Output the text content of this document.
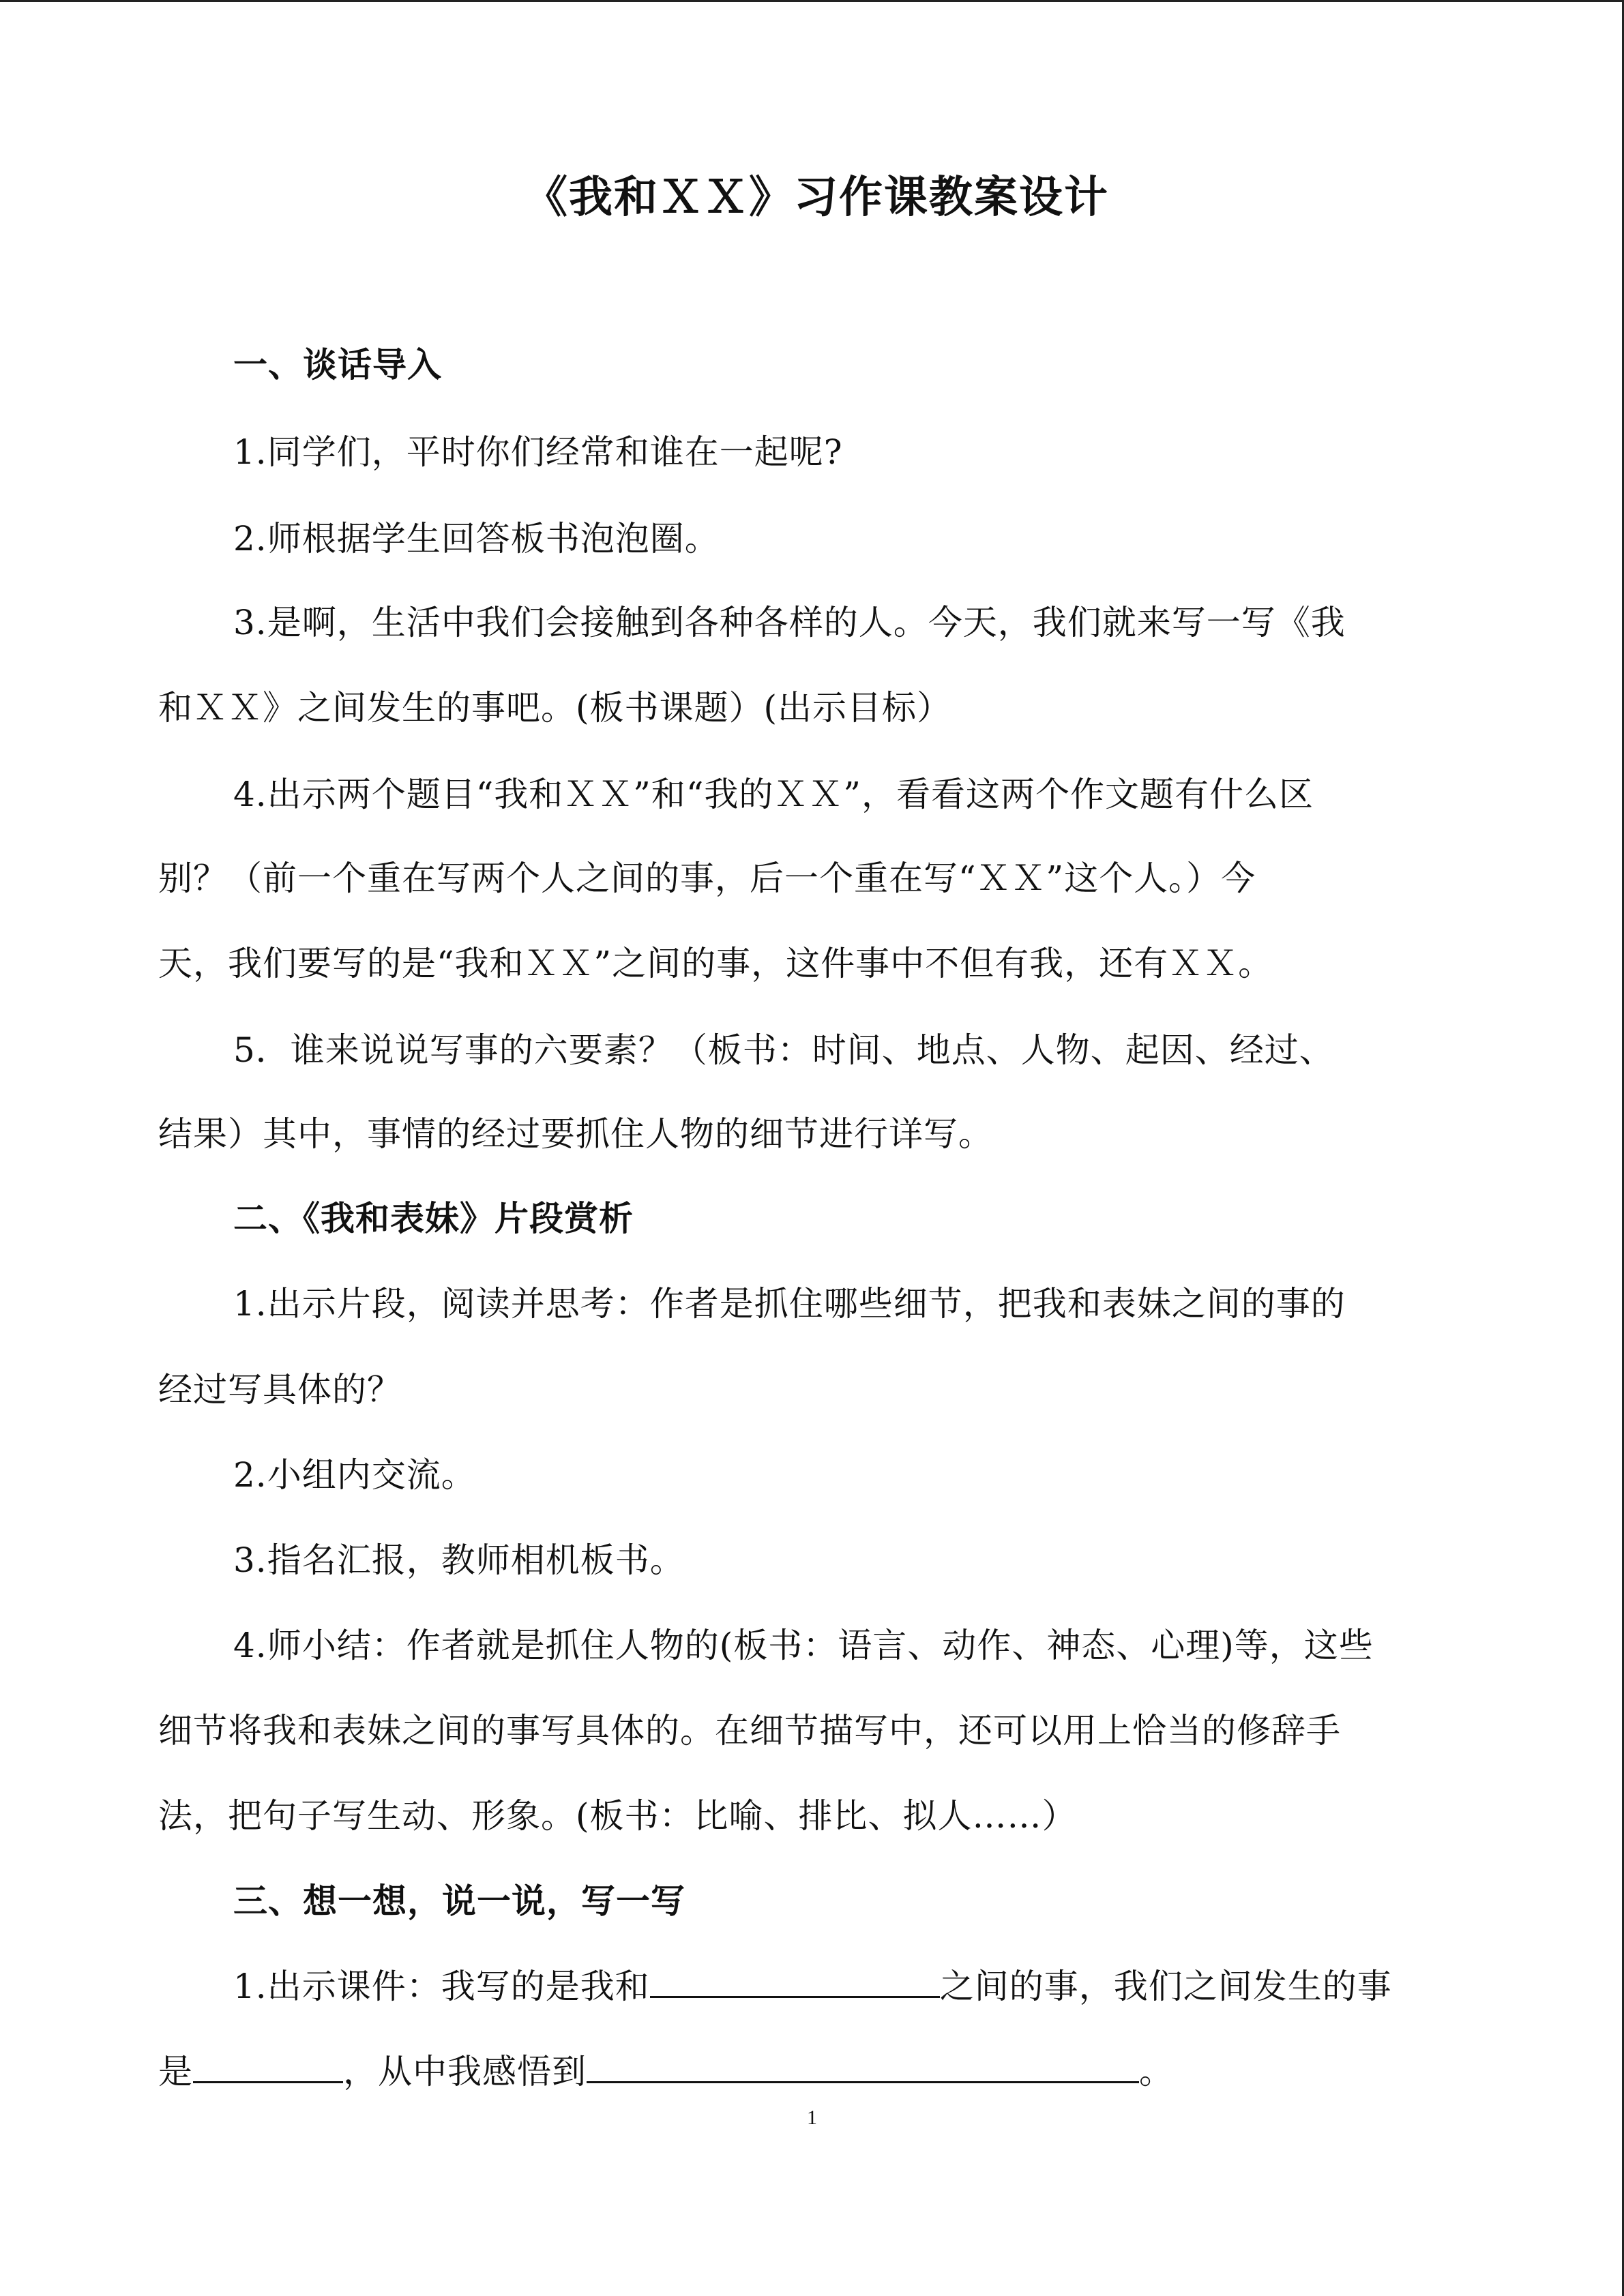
《我和ＸＸ》习作课教案设计
一、谈话导入
1.同学们，平时你们经常和谁在一起呢?
2.师根据学生回答板书泡泡圈。
3.是啊，生活中我们会接触到各种各样的人。今天，我们就来写一写《我
和ＸＸ》之间发生的事吧。(板书课题）(出示目标）
4.出示两个题目“我和ＸＸ”和“我的ＸＸ”，看看这两个作文题有什么区
别？（前一个重在写两个人之间的事，后一个重在写“ＸＸ”这个人。）今
天，我们要写的是“我和ＸＸ”之间的事，这件事中不但有我，还有ＸＸ。
5．谁来说说写事的六要素？（板书：时间、地点、人物、起因、经过、
结果）其中，事情的经过要抓住人物的细节进行详写。
二、《我和表妹》片段赏析
1.出示片段，阅读并思考：作者是抓住哪些细节，把我和表妹之间的事的
经过写具体的？
2.小组内交流。
3.指名汇报，教师相机板书。
4.师小结：作者就是抓住人物的(板书：语言、动作、神态、心理)等，这些
细节将我和表妹之间的事写具体的。在细节描写中，还可以用上恰当的修辞手
法，把句子写生动、形象。(板书：比喻、排比、拟人……）
三、想一想，说一说，写一写
1.出示课件：我写的是我和	之间的事，我们之间发生的事
是	，从中我感悟到	。
1
